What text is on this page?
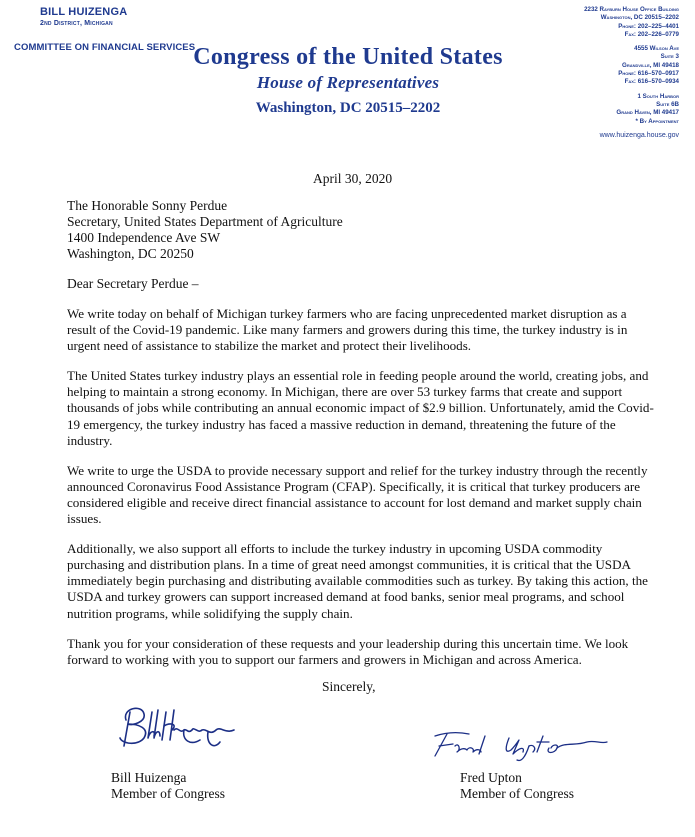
BILL HUIZENGA
2nd District, Michigan
COMMITTEE ON FINANCIAL SERVICES
Congress of the United States
House of Representatives
Washington, DC 20515–2202
2232 Rayburn House Office Building
Washington, DC 20515–2202
Phone: 202–225–4401
Fax: 202–226–0779
4555 Wilson Ave
Suite 3
Grandville, MI 49418
Phone: 616–570–0917
Fax: 616–570–0934
1 South Harbor
Suite 6B
Grand Haven, MI 49417
* By Appointment
www.huizenga.house.gov
April 30, 2020
The Honorable Sonny Perdue
Secretary, United States Department of Agriculture
1400 Independence Ave SW
Washington, DC 20250
Dear Secretary Perdue –

We write today on behalf of Michigan turkey farmers who are facing unprecedented market disruption as a result of the Covid-19 pandemic. Like many farmers and growers during this time, the turkey industry is in urgent need of assistance to stabilize the market and protect their livelihoods.

The United States turkey industry plays an essential role in feeding people around the world, creating jobs, and helping to maintain a strong economy. In Michigan, there are over 53 turkey farms that create and support thousands of jobs while contributing an annual economic impact of $2.9 billion. Unfortunately, amid the Covid-19 emergency, the turkey industry has faced a massive reduction in demand, threatening the future of the industry.

We write to urge the USDA to provide necessary support and relief for the turkey industry through the recently announced Coronavirus Food Assistance Program (CFAP). Specifically, it is critical that turkey producers are considered eligible and receive direct financial assistance to account for lost demand and market supply chain issues.

Additionally, we also support all efforts to include the turkey industry in upcoming USDA commodity purchasing and distribution plans. In a time of great need amongst communities, it is critical that the USDA immediately begin purchasing and distributing available commodities such as turkey. By taking this action, the USDA and turkey growers can support increased demand at food banks, senior meal programs, and school nutrition programs, while solidifying the supply chain.

Thank you for your consideration of these requests and your leadership during this uncertain time. We look forward to working with you to support our farmers and growers in Michigan and across America.

Sincerely,
Bill Huizenga
Member of Congress
Fred Upton
Member of Congress
